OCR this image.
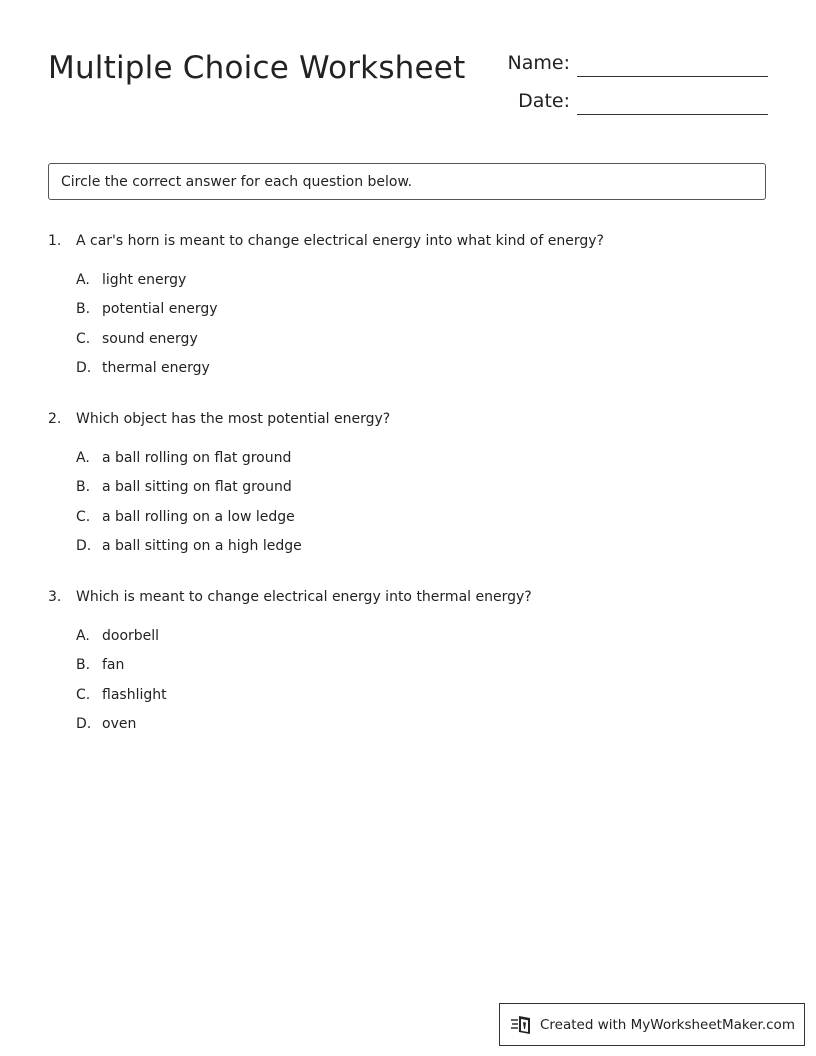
Multiple Choice Worksheet Name:
Date:
Circle the correct answer for each question below.
1. A car's horn is meant to change electrical energy into what kind of energy?
A. light energy
B. potential energy
C. sound energy
D. thermal energy
2. Which object has the most potential energy?
A. a ball rolling on flat ground
B. a ball sitting on flat ground
C. a ball rolling on a low ledge
D. a ball sitting on a high ledge
3. Which is meant to change electrical energy into thermal energy?
A. doorbell
B. fan
C. flashlight
D. oven
Created with MyWorksheetMaker.com
